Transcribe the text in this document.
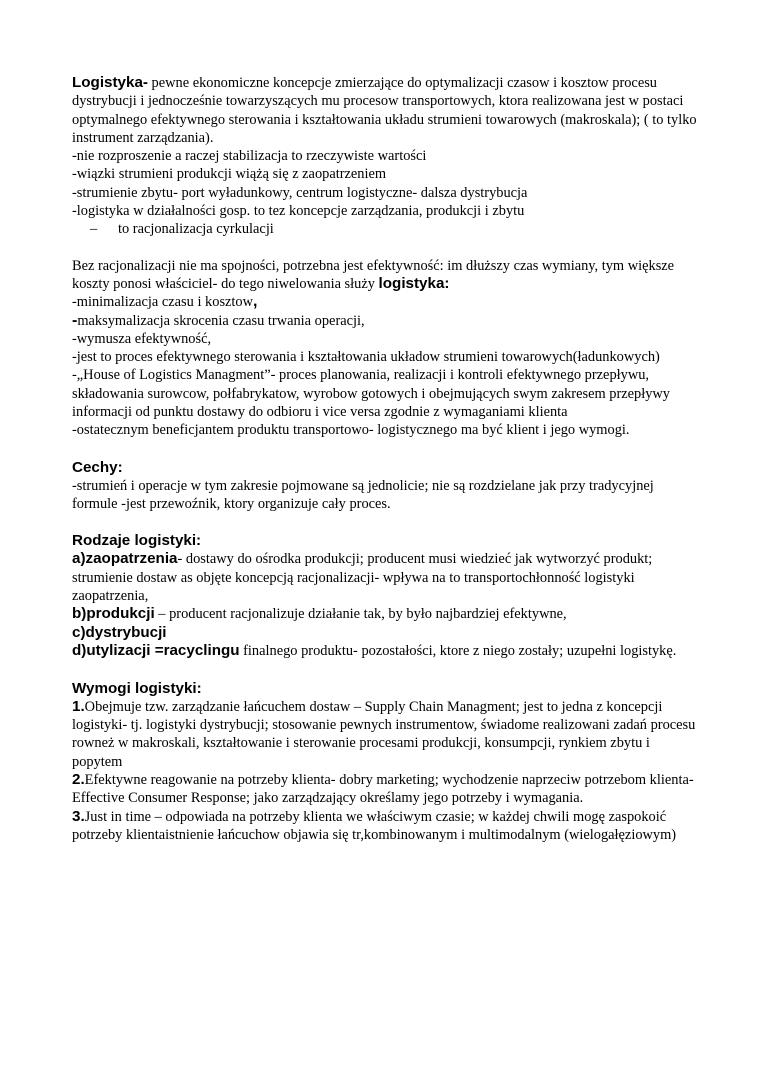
Logistyka- pewne ekonomiczne koncepcje zmierzające do optymalizacji czasow i kosztow procesu dystrybucji i jednocześnie towarzyszących mu procesow transportowych, ktora realizowana jest w postaci optymalnego efektywnego sterowania i kształtowania układu strumieni towarowych (makroskala); ( to tylko instrument zarządzania).

-nie rozproszenie a raczej stabilizacja to rzeczywiste wartości

-wiązki strumieni produkcji wiążą się z zaopatrzeniem

-strumienie zbytu- port wyładunkowy, centrum logistyczne- dalsza dystrybucja

-logistyka w działalności gosp. to tez koncepcje zarządzania, produkcji i zbytu

– to racjonalizacja cyrkulacji

Bez racjonalizacji nie ma spojności, potrzebna jest efektywność: im dłuższy czas wymiany, tym większe koszty ponosi właściciel- do tego niwelowania służy logistyka:

-minimalizacja czasu i kosztow,

-maksymalizacja skrocenia czasu trwania operacji,

-wymusza efektywność,

-jest to proces efektywnego sterowania i kształtowania układow strumieni towarowych(ładunkowych)

-„House of Logistics Managment”- proces planowania, realizacji i kontroli efektywnego przepływu, składowania surowcow, połfabrykatow, wyrobow gotowych i obejmujących swym zakresem przepływy

informacji od punktu dostawy do odbioru i vice versa zgodnie z wymaganiami klienta

-ostatecznym beneficjantem produktu transportowo- logistycznego ma być klient i jego wymogi.

Cechy:

-strumień i operacje w tym zakresie pojmowane są jednolicie; nie są rozdzielane jak przy tradycyjnej formule -jest przewoźnik, ktory organizuje cały proces.

Rodzaje logistyki:

a)zaopatrzenia- dostawy do ośrodka produkcji; producent musi wiedzieć jak wytworzyć produkt; strumienie dostaw as objęte koncepcją racjonalizacji- wpływa na to transportochłonność logistyki zaopatrzenia,

b)produkcji – producent racjonalizuje działanie tak, by było najbardziej efektywne,

c)dystrybucji

d)utylizacji =racyclingu finalnego produktu- pozostałości, ktore z niego zostały; uzupełni logistykę.

Wymogi logistyki:

1.Obejmuje tzw. zarządzanie łańcuchem dostaw – Supply Chain Managment; jest to jedna z koncepcji logistyki- tj. logistyki dystrybucji; stosowanie pewnych instrumentow, świadome realizowani zadań procesu rowneż w makroskali, kształtowanie i sterowanie procesami produkcji, konsumpcji, rynkiem zbytu i popytem

2.Efektywne reagowanie na potrzeby klienta- dobry marketing; wychodzenie naprzeciw potrzebom klienta-Effective Consumer Response; jako zarządzający określamy jego potrzeby i wymagania.

3.Just in time – odpowiada na potrzeby klienta we właściwym czasie; w każdej chwili mogę zaspokoić potrzeby klientaistnienie łańcuchow objawia się tr,kombinowanym i multimodalnym (wielogałęziowym)
